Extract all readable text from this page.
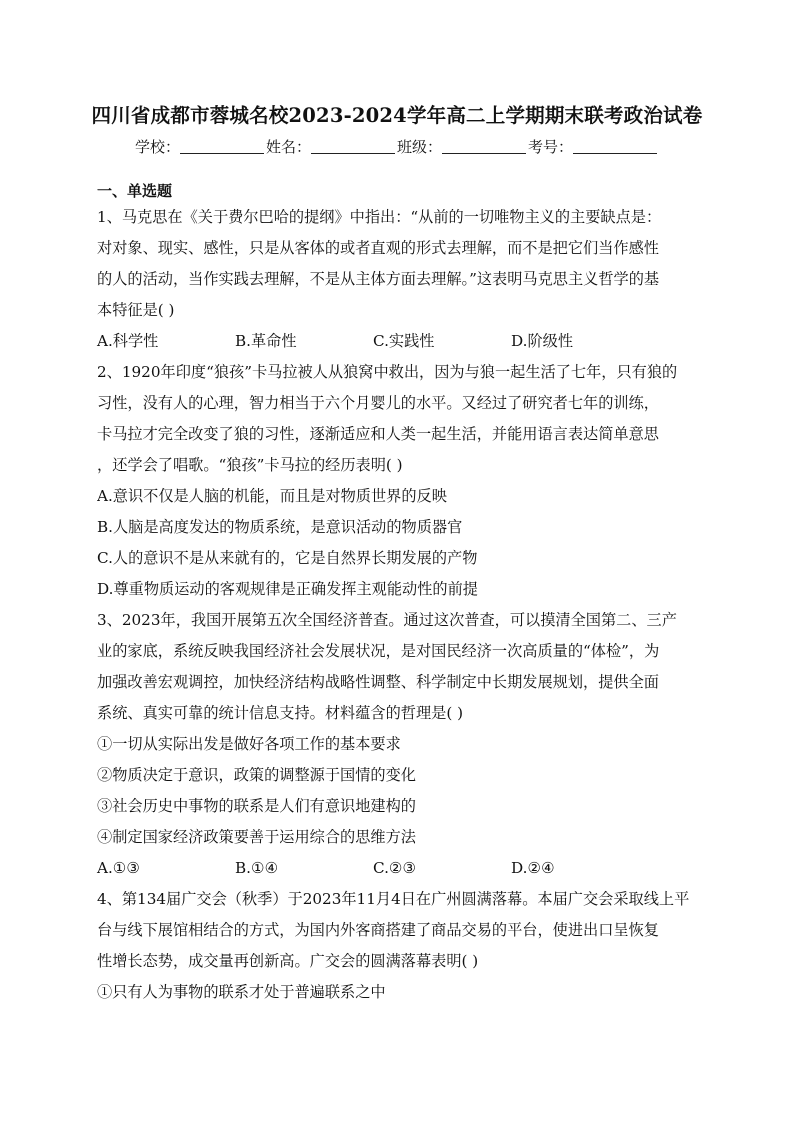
四川省成都市蓉城名校2023-2024学年高二上学期期末联考政治试卷
学校：	姓名：	班级：	考号：
一、单选题
1、马克思在《关于费尔巴哈的提纲》中指出：“从前的一切唯物主义的主要缺点是：
对对象、现实、感性，只是从客体的或者直观的形式去理解，而不是把它们当作感性
的人的活动，当作实践去理解，不是从主体方面去理解。”这表明马克思主义哲学的基
本特征是( )
A.科学性	B.革命性	C.实践性	D.阶级性
2、1920年印度“狼孩”卡马拉被人从狼窝中救出，因为与狼一起生活了七年，只有狼的
习性，没有人的心理，智力相当于六个月婴儿的水平。又经过了研究者七年的训练，
卡马拉才完全改变了狼的习性，逐渐适应和人类一起生活，并能用语言表达简单意思
，还学会了唱歌。“狼孩”卡马拉的经历表明( )
A.意识不仅是人脑的机能，而且是对物质世界的反映
B.人脑是高度发达的物质系统，是意识活动的物质器官
C.人的意识不是从来就有的，它是自然界长期发展的产物
D.尊重物质运动的客观规律是正确发挥主观能动性的前提
3、2023年，我国开展第五次全国经济普查。通过这次普查，可以摸清全国第二、三产
业的家底，系统反映我国经济社会发展状况，是对国民经济一次高质量的“体检”，为
加强改善宏观调控，加快经济结构战略性调整、科学制定中长期发展规划，提供全面
系统、真实可靠的统计信息支持。材料蕴含的哲理是( )
①一切从实际出发是做好各项工作的基本要求
②物质决定于意识，政策的调整源于国情的变化
③社会历史中事物的联系是人们有意识地建构的
④制定国家经济政策要善于运用综合的思维方法
A.①③	B.①④	C.②③	D.②④
4、第134届广交会（秋季）于2023年11月4日在广州圆满落幕。本届广交会采取线上平
台与线下展馆相结合的方式，为国内外客商搭建了商品交易的平台，使进出口呈恢复
性增长态势，成交量再创新高。广交会的圆满落幕表明( )
①只有人为事物的联系才处于普遍联系之中
